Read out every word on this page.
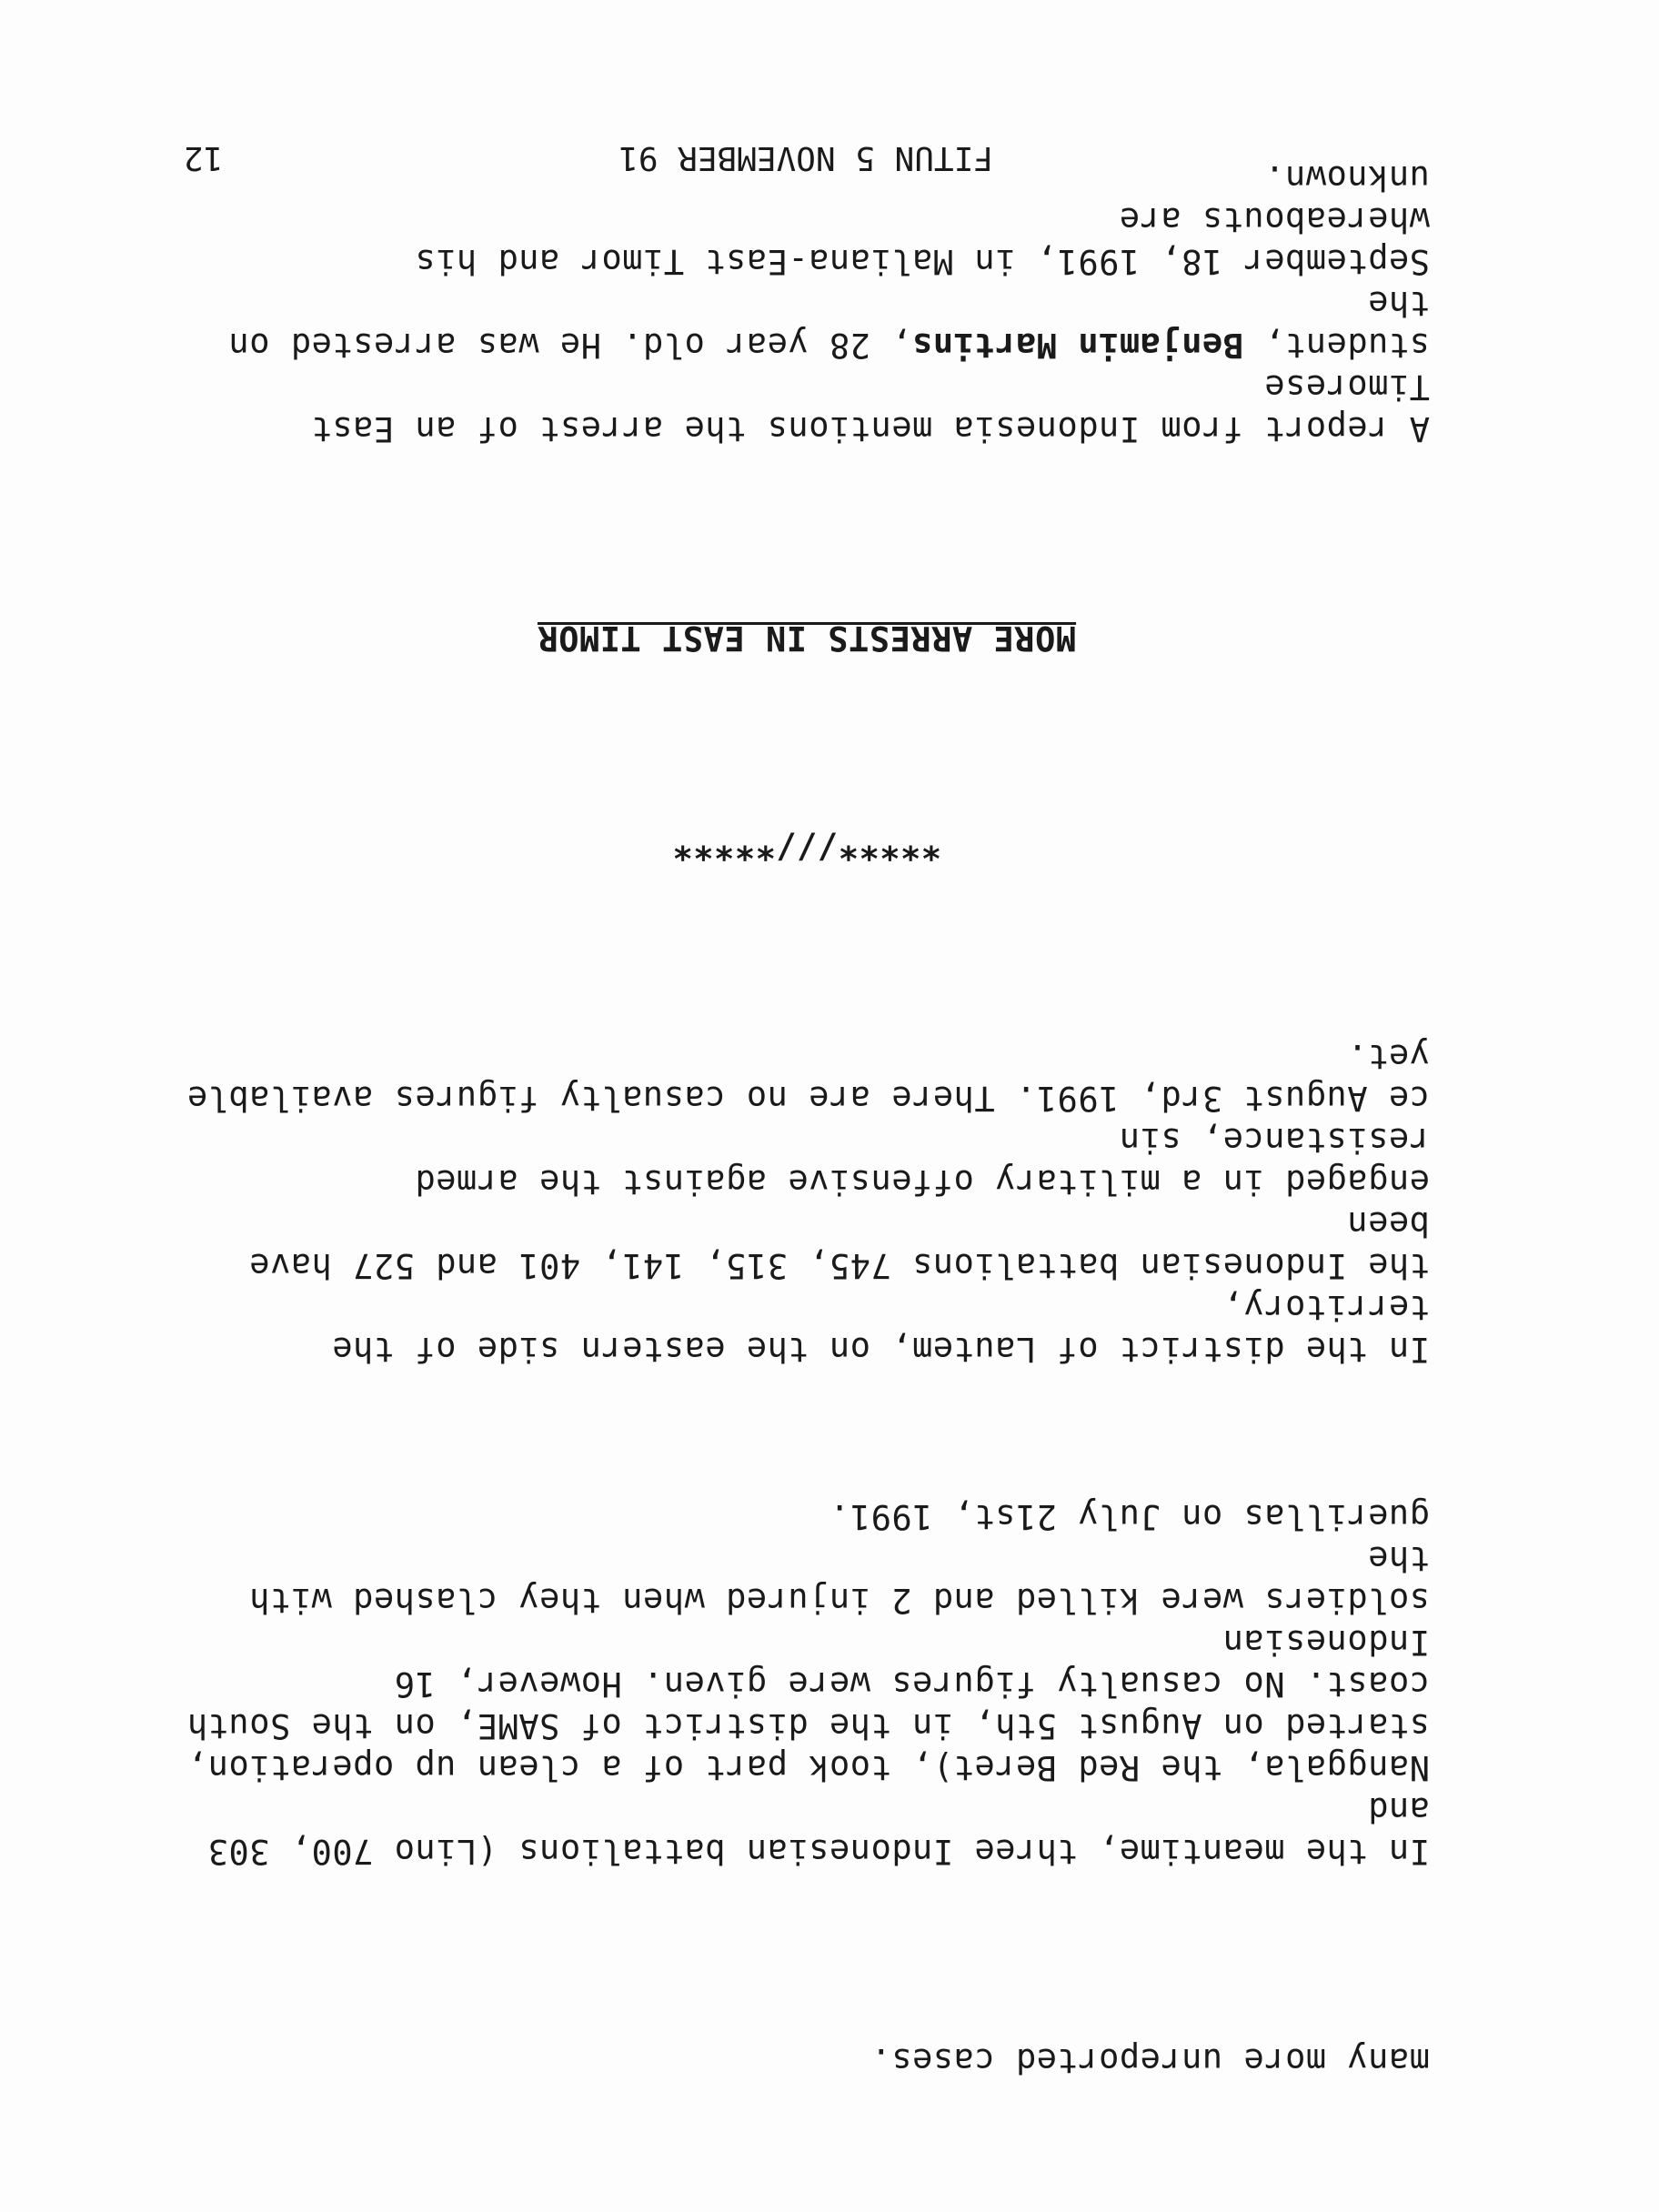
many more unreported cases.

In the meantime, three Indonesian battalions (Lino 700, 303 and
Nanggala, the Red Beret), took part of a clean up operation,
started on August 5th, in the district of SAME, on the South
coast. No casualty figures were given. However, 16 Indonesian
soldiers were killed and 2 injured when they clashed with the
guerillas on July 21st, 1991.

In the district of Lautem, on the eastern side of the territory,
the Indonesian battalions 745, 315, 141, 401 and 527 have been
engaged in a military offensive against the armed resistance, sin
ce August 3rd, 1991. There are no casualty figures available yet.

*****///*****

MORE ARRESTS IN EAST TIMOR

A report from Indonesia mentions the arrest of an East Timorese
student, Benjamin Martins, 28 year old. He was arrested on the
September 18, 1991, in Maliana-East Timor and his whereabouts are
unknown.

FITUN 5 NOVEMBER 91
12
